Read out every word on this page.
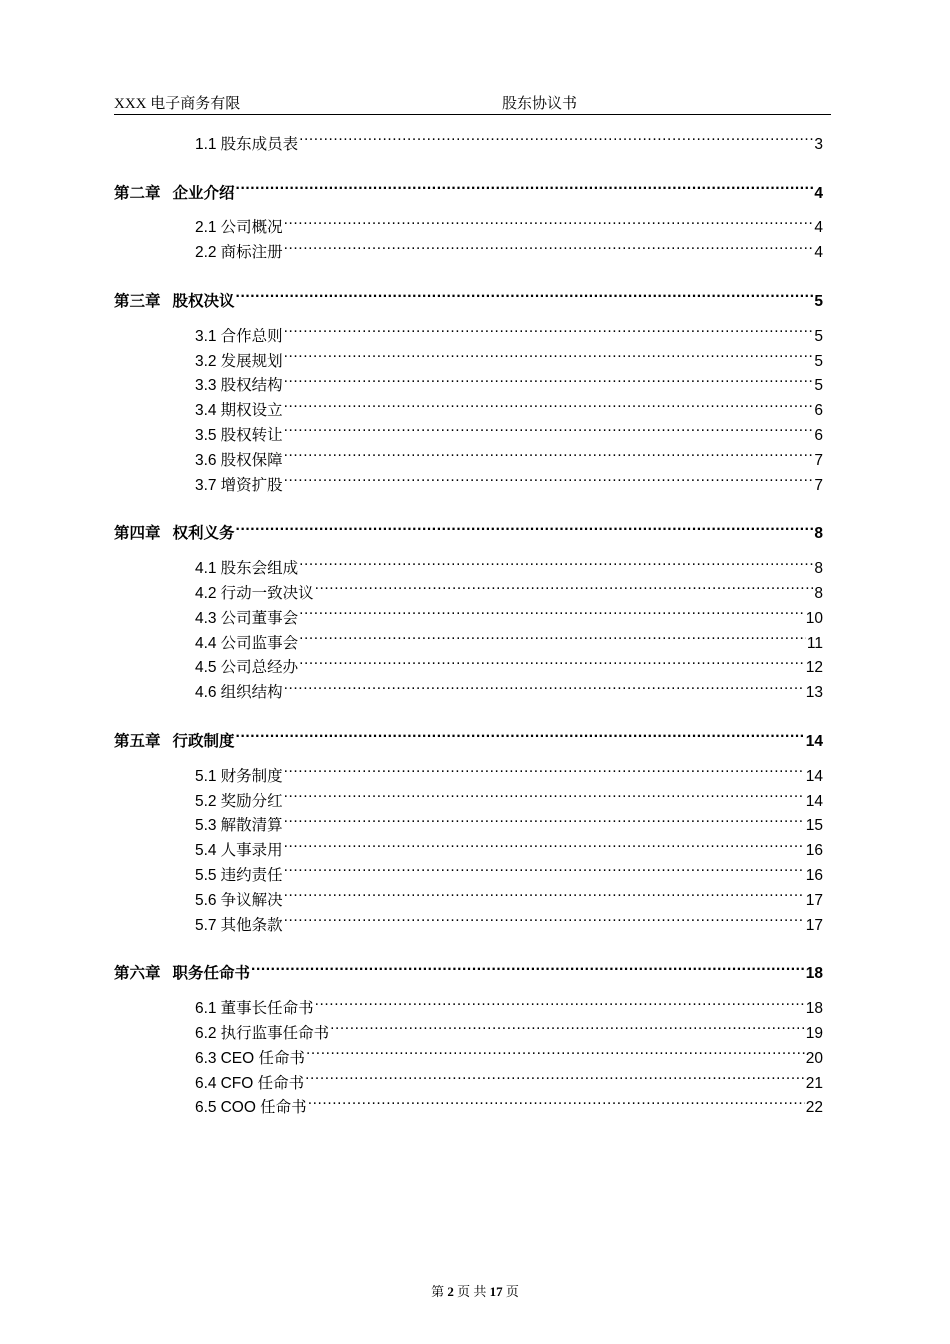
XXX 电子商务有限	股东协议书
1.1 股东成员表 .....	3
第二章 企业介绍 .....	4
2.1 公司概况 .....	4
2.2 商标注册 .....	4
第三章 股权决议 .....	5
3.1 合作总则 .....	5
3.2 发展规划 .....	5
3.3 股权结构 .....	5
3.4 期权设立 .....	6
3.5 股权转让 .....	6
3.6 股权保障 .....	7
3.7 增资扩股 .....	7
第四章 权利义务 .....	8
4.1 股东会组成 .....	8
4.2 行动一致决议 .....	8
4.3 公司董事会 .....	10
4.4 公司监事会 .....	11
4.5 公司总经办 .....	12
4.6 组织结构 .....	13
第五章 行政制度 .....	14
5.1 财务制度 .....	14
5.2 奖励分红 .....	14
5.3 解散清算 .....	15
5.4 人事录用 .....	16
5.5 违约责任 .....	16
5.6 争议解决 .....	17
5.7 其他条款 .....	17
第六章 职务任命书 .....	18
6.1 董事长任命书 .....	18
6.2 执行监事任命书 .....	19
6.3 CEO 任命书 .....	20
6.4 CFO 任命书 .....	21
6.5 COO 任命书 .....	22
第 2 页 共 17 页
